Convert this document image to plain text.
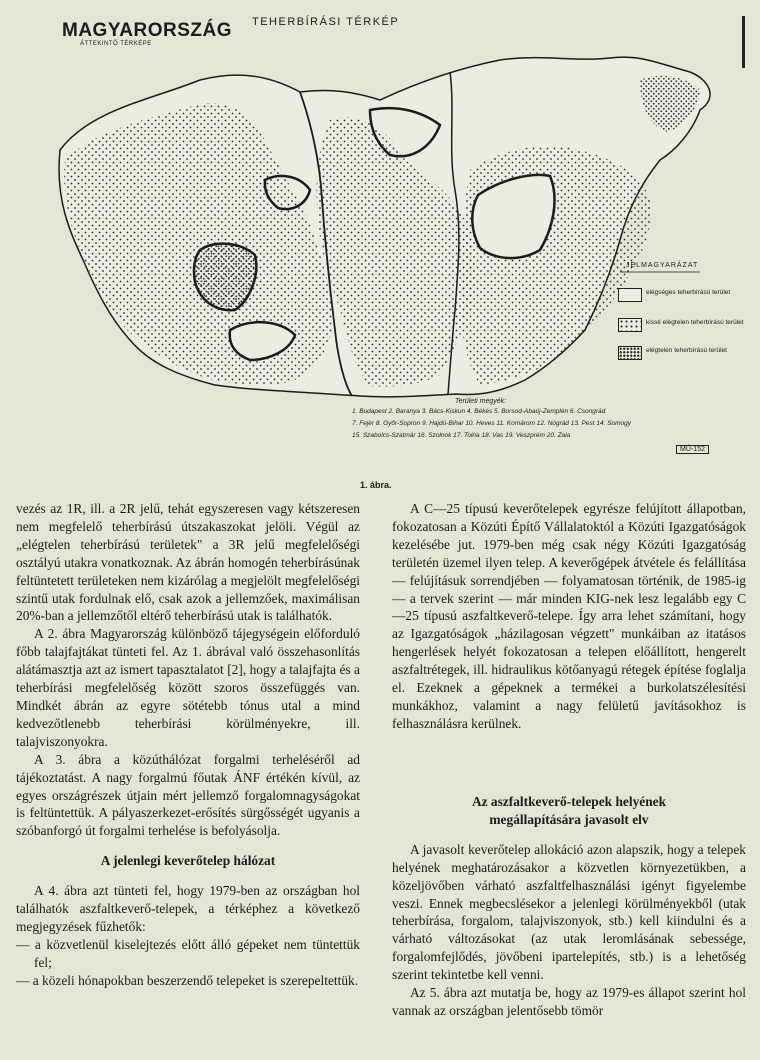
MAGYARORSZÁG
ÁTTEKINTŐ TÉRKÉPE
TEHERBÍRÁSI TÉRKÉP
JELMAGYARÁZAT
elégséges teherbírású terület
kissé elégtelen teherbírású terület
elégtelen teherbírású terület
Területi megyék:
1. Budapest 2. Baranya 3. Bács-Kiskun 4. Békés 5. Borsod-Abaúj-Zemplén 6. Csongrád
7. Fejér 8. Győr-Sopron 9. Hajdú-Bihar 10. Heves 11. Komárom 12. Nógrád 13. Pest 14. Somogy
15. Szabolcs-Szatmár 16. Szolnok 17. Tolna 18. Vas 19. Veszprém 20. Zala
MÚ-152
1. ábra.

vezés az 1R, ill. a 2R jelű, tehát egyszeresen vagy kétszeresen nem megfelelő teherbírású útszakaszokat jelöli. Végül az „elégtelen teherbírású területek" a 3R jelű megfelelőségi osztályú utakra vonatkoznak. Az ábrán homogén teherbírásúnak feltüntetett területeken nem kizárólag a megjelölt megfelelőségi szintű utak fordulnak elő, csak azok a jellemzőek, maximálisan 20%-ban a jellemzőtől eltérő teherbírású utak is találhatók.

A 2. ábra Magyarország különböző tájegységein előforduló főbb talajfajtákat tünteti fel. Az 1. ábrával való összehasonlítás alátámasztja azt az ismert tapasztalatot [2], hogy a talajfajta és a teherbírási megfelelőség között szoros összefüggés van. Mindkét ábrán az egyre sötétebb tónus utal a mind kedvezőtlenebb teherbírási körülményekre, ill. talajviszonyokra.

A 3. ábra a közúthálózat forgalmi terheléséről ad tájékoztatást. A nagy forgalmú főutak ÁNF értékén kívül, az egyes országrészek útjain mért jellemző forgalomnagyságokat is feltüntettük. A pályaszerkezet-erősítés sürgősségét ugyanis a szóbanforgó út forgalmi terhelése is befolyásolja.

A jelenlegi keverőtelep hálózat

A 4. ábra azt tünteti fel, hogy 1979-ben az országban hol találhatók aszfaltkeverő-telepek, a térképhez a következő megjegyzések fűzhetők:

— a közvetlenül kiselejtezés előtt álló gépeket nem tüntettük fel;
— a közeli hónapokban beszerzendő telepeket is szerepeltettük.

A C—25 típusú keverőtelepek egyrésze felújított állapotban, fokozatosan a Közúti Építő Vállalatoktól a Közúti Igazgatóságok kezelésébe jut. 1979-ben még csak négy Közúti Igazgatóság területén üzemel ilyen telep. A keverőgépek átvétele és felállítása — felújításuk sorrendjében — folyamatosan történik, de 1985-ig — a tervek szerint — már minden KIG-nek lesz legalább egy C—25 típusú aszfaltkeverő-telepe. Így arra lehet számítani, hogy az Igazgatóságok „házilagosan végzett" munkáiban az itatásos hengerlések helyét fokozatosan a telepen előállított, hengerelt aszfaltrétegek, ill. hidraulikus kötőanyagú rétegek építése foglalja el. Ezeknek a gépeknek a termékei a burkolatszélesítési munkákhoz, valamint a nagy felületű javításokhoz is felhasználásra kerülnek.

Az aszfaltkeverő-telepek helyének
megállapítására javasolt elv

A javasolt keverőtelep allokáció azon alapszik, hogy a telepek helyének meghatározásakor a közvetlen környezetükben, a közeljövőben várható aszfaltfelhasználási igényt figyelembe veszi. Ennek megbecslésekor a jelenlegi körülményekből (utak teherbírása, forgalom, talajviszonyok, stb.) kell kiindulni és a várható változásokat (az utak leromlásának sebessége, forgalomfejlődés, jövőbeni ipartelepítés, stb.) is a lehetőség szerint tekintetbe kell venni.

Az 5. ábra azt mutatja be, hogy az 1979-es állapot szerint hol vannak az országban jelentősebb tömör
